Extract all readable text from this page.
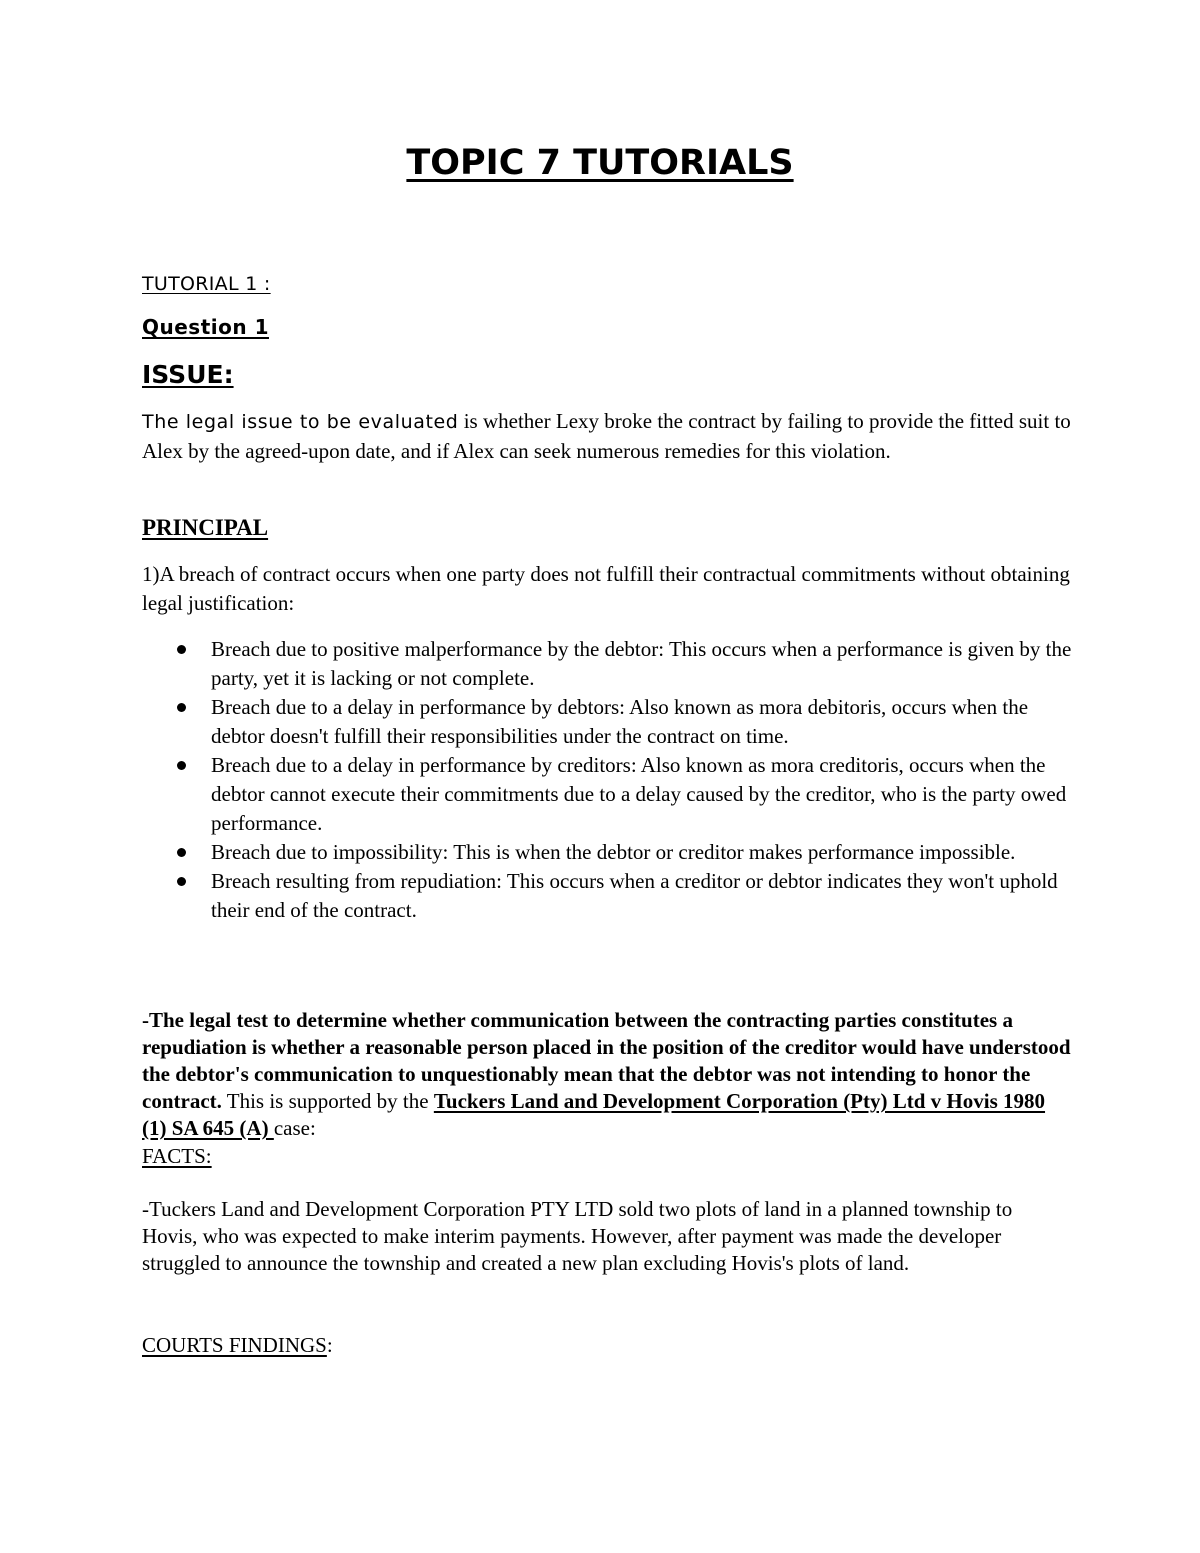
TOPIC 7 TUTORIALS
TUTORIAL 1 :
Question 1
ISSUE:
The legal issue to be evaluated is whether Lexy broke the contract by failing to provide the fitted suit to Alex by the agreed-upon date, and if Alex can seek numerous remedies for this violation.
PRINCIPAL
1)A breach of contract occurs when one party does not fulfill their contractual commitments without obtaining legal justification:
Breach due to positive malperformance by the debtor: This occurs when a performance is given by the party, yet it is lacking or not complete.
Breach due to a delay in performance by debtors: Also known as mora debitoris, occurs when the debtor doesn't fulfill their responsibilities under the contract on time.
Breach due to a delay in performance by creditors: Also known as mora creditoris, occurs when the debtor cannot execute their commitments due to a delay caused by the creditor, who is the party owed performance.
Breach due to impossibility: This is when the debtor or creditor makes performance impossible.
Breach resulting from repudiation: This occurs when a creditor or debtor indicates they won't uphold their end of the contract.
-The legal test to determine whether communication between the contracting parties constitutes a repudiation is whether a reasonable person placed in the position of the creditor would have understood the debtor's communication to unquestionably mean that the debtor was not intending to honor the contract. This is supported by the Tuckers Land and Development Corporation (Pty) Ltd v Hovis 1980 (1) SA 645 (A) case:
FACTS:
-Tuckers Land and Development Corporation PTY LTD sold two plots of land in a planned township to Hovis, who was expected to make interim payments. However, after payment was made the developer struggled to announce the township and created a new plan excluding Hovis's plots of land.
COURTS FINDINGS:
